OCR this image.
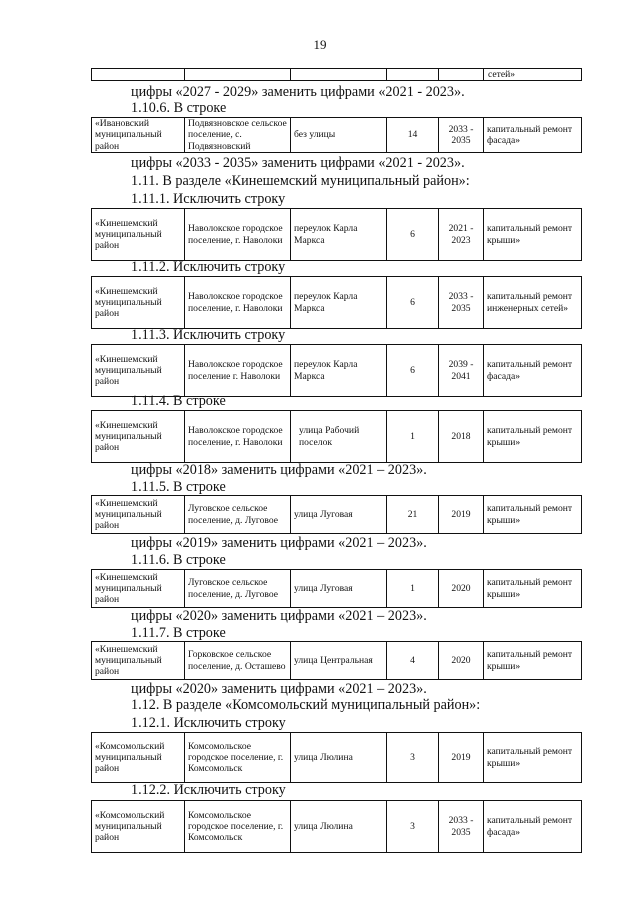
19
					сетей»
цифры «2027 - 2029» заменить цифрами «2021 - 2023».
1.10.6. В строке
«Ивановский муниципальный район	Подвязновское сельское поселение, с. Подвязновский	без улицы	14	2033 - 2035	капитальный ремонт фасада»
цифры «2033 - 2035» заменить цифрами «2021 - 2023».
1.11. В разделе «Кинешемский муниципальный район»:
1.11.1. Исключить строку
«Кинешемский муниципальный район	Наволокское городское поселение, г. Наволоки	переулок Карла Маркса	6	2021 - 2023	капитальный ремонт крыши»
1.11.2. Исключить строку
«Кинешемский муниципальный район	Наволокское городское поселение, г. Наволоки	переулок Карла Маркса	6	2033 - 2035	капитальный ремонт инженерных сетей»
1.11.3. Исключить строку
«Кинешемский муниципальный район	Наволокское городское поселение г. Наволоки	переулок Карла Маркса	6	2039 - 2041	капитальный ремонт фасада»
1.11.4. В строке
«Кинешемский муниципальный район	Наволокское городское поселение, г. Наволоки	улица Рабочий поселок	1	2018	капитальный ремонт крыши»
цифры «2018» заменить цифрами «2021 – 2023».
1.11.5. В строке
«Кинешемский муниципальный район	Луговское сельское поселение, д. Луговое	улица Луговая	21	2019	капитальный ремонт крыши»
цифры «2019» заменить цифрами «2021 – 2023».
1.11.6. В строке
«Кинешемский муниципальный район	Луговское сельское поселение, д. Луговое	улица Луговая	1	2020	капитальный ремонт крыши»
цифры «2020» заменить цифрами «2021 – 2023».
1.11.7. В строке
«Кинешемский муниципальный район	Горковское сельское поселение, д. Осташево	улица Центральная	4	2020	капитальный ремонт крыши»
цифры «2020» заменить цифрами «2021 – 2023».
1.12. В разделе «Комсомольский муниципальный район»:
1.12.1. Исключить строку
«Комсомольский муниципальный район	Комсомольское городское поселение, г. Комсомольск	улица Люлина	3	2019	капитальный ремонт крыши»
1.12.2. Исключить строку
«Комсомольский муниципальный район	Комсомольское городское поселение, г. Комсомольск	улица Люлина	3	2033 - 2035	капитальный ремонт фасада»
